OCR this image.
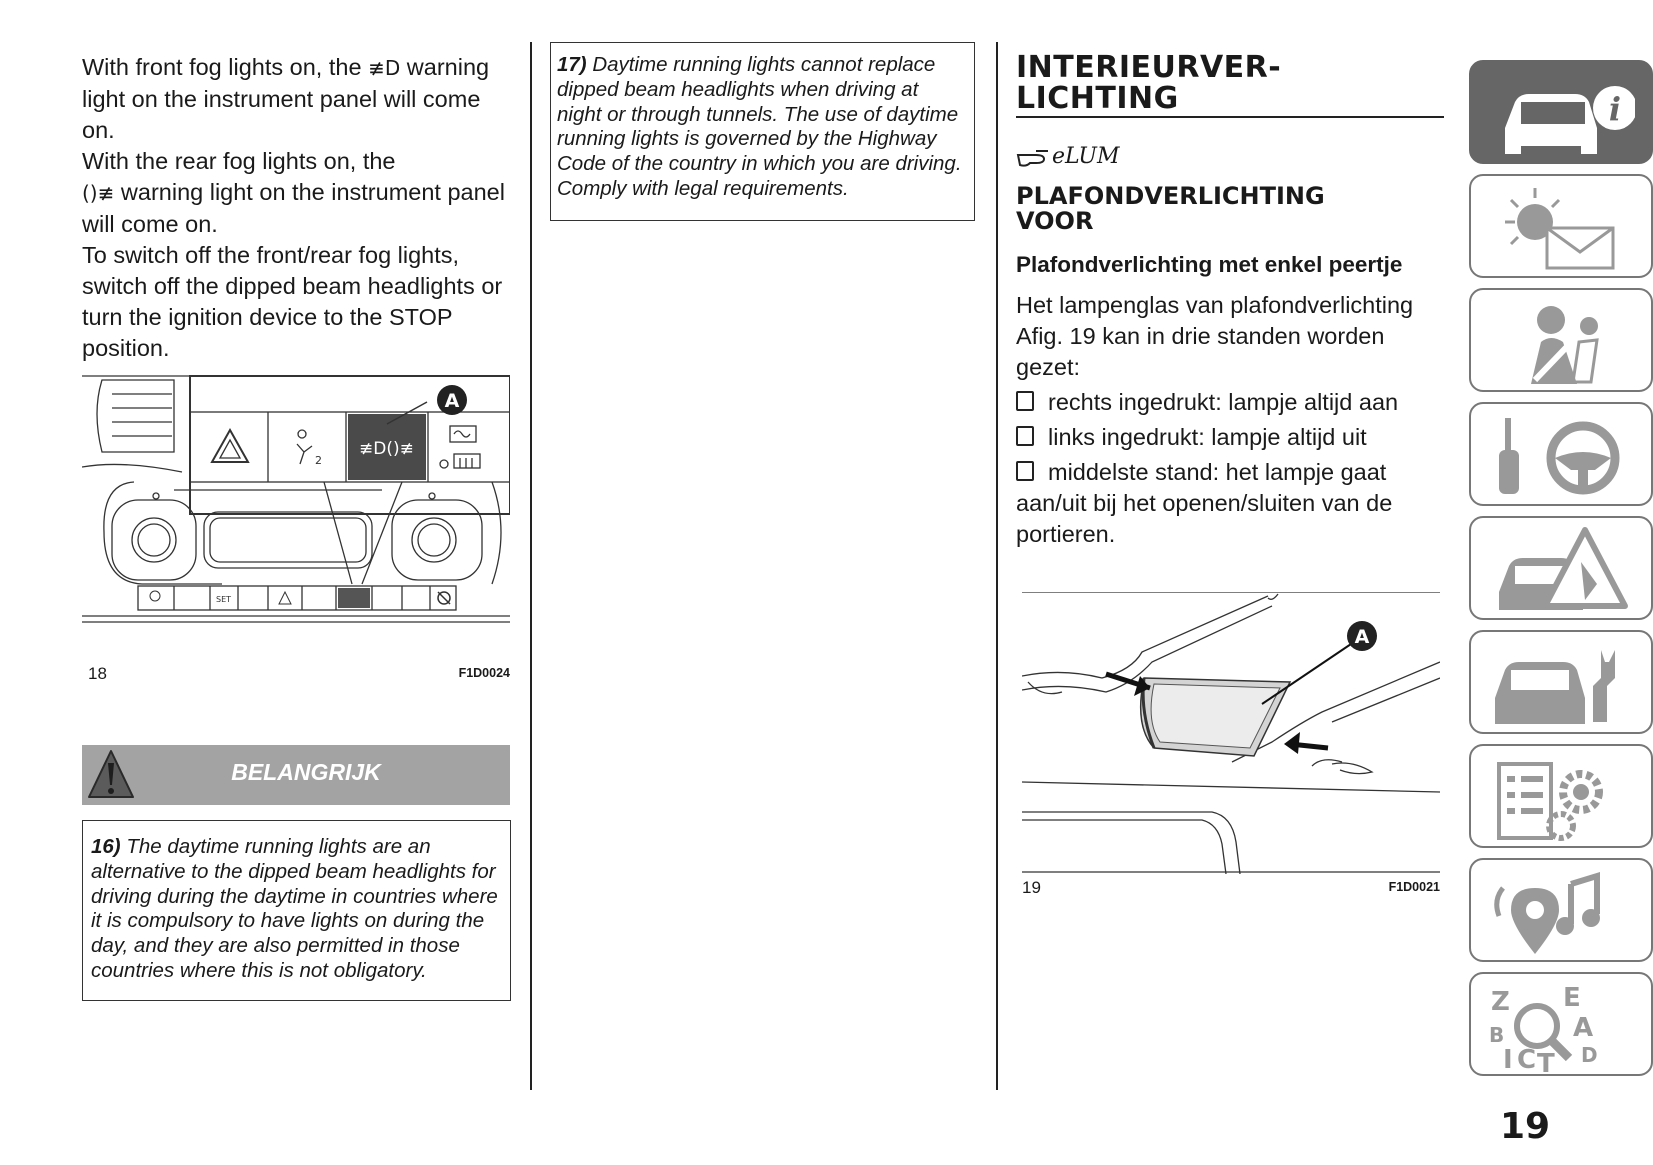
With front fog lights on, the ≢D warning light on the instrument panel will come on.

With the rear fog lights on, the
()≢ warning light on the instrument panel will come on.

To switch off the front/rear fog lights, switch off the dipped beam headlights or turn the ignition device to the STOP position.

2
≢D()≢
A
SET
18	F1D0024
BELANGRIJK
16) The daytime running lights are an alternative to the dipped beam headlights for driving during the daytime in countries where it is compulsory to have lights on during the day, and they are also permitted in those countries where this is not obligatory.
17) Daytime running lights cannot replace dipped beam headlights when driving at night or through tunnels. The use of daytime running lights is governed by the Highway Code of the country in which you are driving. Comply with legal requirements.
INTERIEURVER-
LICHTING
eLUM
PLAFONDVERLICHTING
VOOR
Plafondverlichting met enkel peertje

Het lampenglas van plafondverlichting Afig. 19 kan in drie standen worden gezet:

rechts ingedrukt: lampje altijd aan

links ingedrukt: lampje altijd uit

middelste stand: het lampje gaat aan/uit bij het openen/sluiten van de portieren.

A
19	F1D0021
i
Z E
A
B
I C T D
19
